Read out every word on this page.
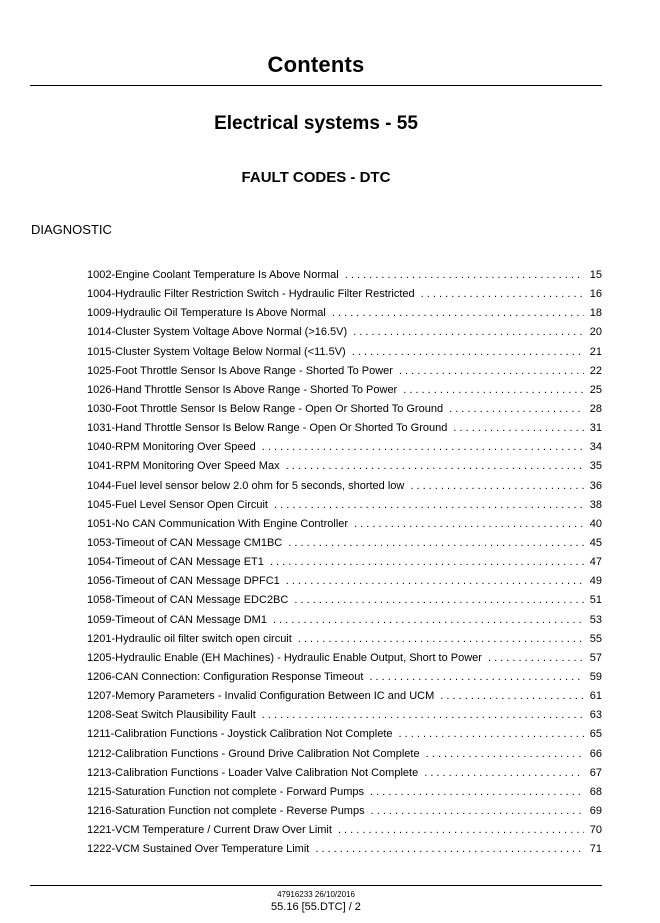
Contents
Electrical systems - 55
FAULT CODES - DTC
DIAGNOSTIC
1002-Engine Coolant Temperature Is Above Normal . . .	15
1004-Hydraulic Filter Restriction Switch - Hydraulic Filter Restricted . . .	16
1009-Hydraulic Oil Temperature Is Above Normal . . .	18
1014-Cluster System Voltage Above Normal (>16.5V) . . .	20
1015-Cluster System Voltage Below Normal (<11.5V) . . .	21
1025-Foot Throttle Sensor Is Above Range - Shorted To Power . . .	22
1026-Hand Throttle Sensor Is Above Range - Shorted To Power . . .	25
1030-Foot Throttle Sensor Is Below Range - Open Or Shorted To Ground . . .	28
1031-Hand Throttle Sensor Is Below Range - Open Or Shorted To Ground . . .	31
1040-RPM Monitoring Over Speed . . .	34
1041-RPM Monitoring Over Speed Max . . .	35
1044-Fuel level sensor below 2.0 ohm for 5 seconds, shorted low . . .	36
1045-Fuel Level Sensor Open Circuit . . .	38
1051-No CAN Communication With Engine Controller . . .	40
1053-Timeout of CAN Message CM1BC . . .	45
1054-Timeout of CAN Message ET1 . . .	47
1056-Timeout of CAN Message DPFC1 . . .	49
1058-Timeout of CAN Message EDC2BC . . .	51
1059-Timeout of CAN Message DM1 . . .	53
1201-Hydraulic oil filter switch open circuit . . .	55
1205-Hydraulic Enable (EH Machines) - Hydraulic Enable Output, Short to Power . . .	57
1206-CAN Connection: Configuration Response Timeout . . .	59
1207-Memory Parameters - Invalid Configuration Between IC and UCM . . .	61
1208-Seat Switch Plausibility Fault . . .	63
1211-Calibration Functions - Joystick Calibration Not Complete . . .	65
1212-Calibration Functions - Ground Drive Calibration Not Complete . . .	66
1213-Calibration Functions - Loader Valve Calibration Not Complete . . .	67
1215-Saturation Function not complete - Forward Pumps . . .	68
1216-Saturation Function not complete - Reverse Pumps . . .	69
1221-VCM Temperature / Current Draw Over Limit . . .	70
1222-VCM Sustained Over Temperature Limit . . .	71
47916233 26/10/2016
55.16 [55.DTC] / 2
